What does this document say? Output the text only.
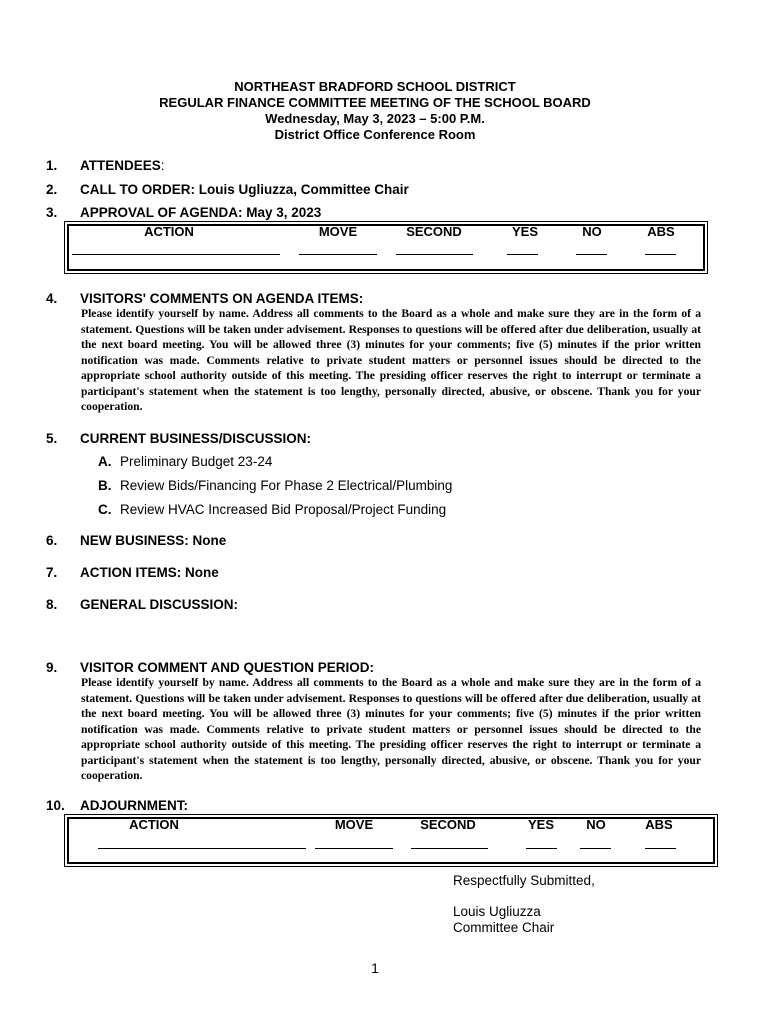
NORTHEAST BRADFORD SCHOOL DISTRICT
REGULAR FINANCE COMMITTEE MEETING OF THE SCHOOL BOARD
Wednesday, May 3, 2023 – 5:00 P.M.
District Office Conference Room
1. ATTENDEES:
2. CALL TO ORDER: Louis Ugliuzza, Committee Chair
3. APPROVAL OF AGENDA: May 3, 2023
ACTION	MOVE	SECOND	YES	NO	ABS
4. VISITORS' COMMENTS ON AGENDA ITEMS:
Please identify yourself by name. Address all comments to the Board as a whole and make sure they are in the form of a statement. Questions will be taken under advisement. Responses to questions will be offered after due deliberation, usually at the next board meeting. You will be allowed three (3) minutes for your comments; five (5) minutes if the prior written notification was made. Comments relative to private student matters or personnel issues should be directed to the appropriate school authority outside of this meeting. The presiding officer reserves the right to interrupt or terminate a participant's statement when the statement is too lengthy, personally directed, abusive, or obscene. Thank you for your cooperation.
5. CURRENT BUSINESS/DISCUSSION:
A. Preliminary Budget 23-24
B. Review Bids/Financing For Phase 2 Electrical/Plumbing
C. Review HVAC Increased Bid Proposal/Project Funding
6. NEW BUSINESS: None
7. ACTION ITEMS: None
8. GENERAL DISCUSSION:
9. VISITOR COMMENT AND QUESTION PERIOD:
Please identify yourself by name. Address all comments to the Board as a whole and make sure they are in the form of a statement. Questions will be taken under advisement. Responses to questions will be offered after due deliberation, usually at the next board meeting. You will be allowed three (3) minutes for your comments; five (5) minutes if the prior written notification was made. Comments relative to private student matters or personnel issues should be directed to the appropriate school authority outside of this meeting. The presiding officer reserves the right to interrupt or terminate a participant's statement when the statement is too lengthy, personally directed, abusive, or obscene. Thank you for your cooperation.
10. ADJOURNMENT:
ACTION	MOVE	SECOND	YES	NO	ABS
Respectfully Submitted,
Louis Ugliuzza
Committee Chair
1
